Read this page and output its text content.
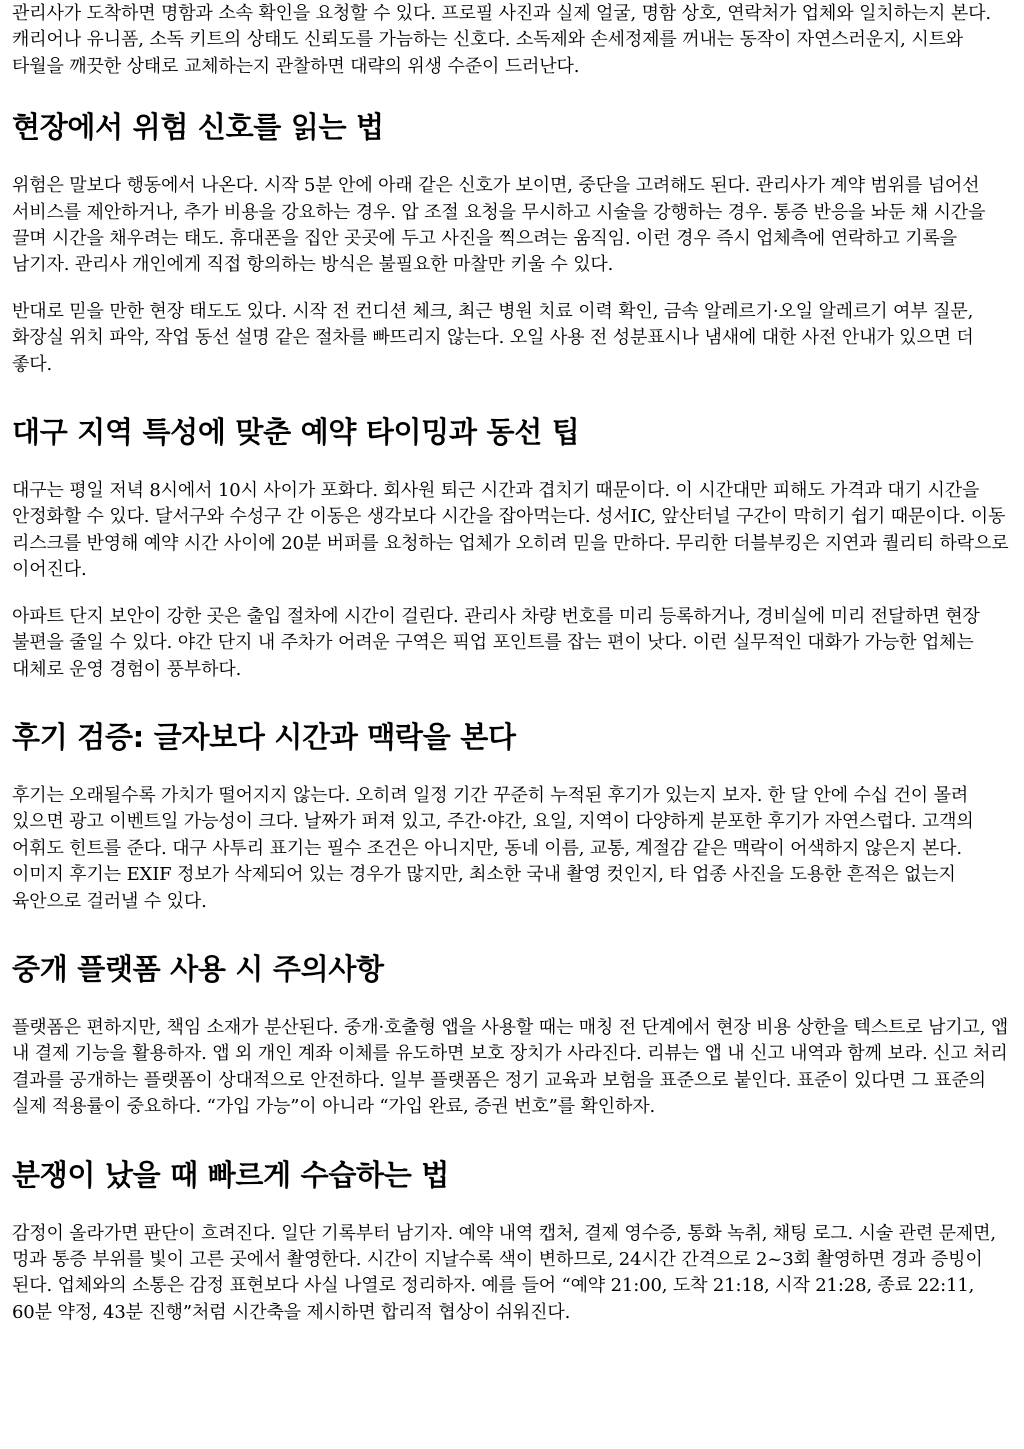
관리사가 도착하면 명함과 소속 확인을 요청할 수 있다. 프로필 사진과 실제 얼굴, 명함 상호, 연락처가 업체와 일치하는지 본다. 캐리어나 유니폼, 소독 키트의 상태도 신뢰도를 가늠하는 신호다. 소독제와 손세정제를 꺼내는 동작이 자연스러운지, 시트와 타월을 깨끗한 상태로 교체하는지 관찰하면 대략의 위생 수준이 드러난다.

현장에서 위험 신호를 읽는 법

위험은 말보다 행동에서 나온다. 시작 5분 안에 아래 같은 신호가 보이면, 중단을 고려해도 된다. 관리사가 계약 범위를 넘어선 서비스를 제안하거나, 추가 비용을 강요하는 경우. 압 조절 요청을 무시하고 시술을 강행하는 경우. 통증 반응을 놔둔 채 시간을 끌며 시간을 채우려는 태도. 휴대폰을 집안 곳곳에 두고 사진을 찍으려는 움직임. 이런 경우 즉시 업체측에 연락하고 기록을 남기자. 관리사 개인에게 직접 항의하는 방식은 불필요한 마찰만 키울 수 있다.

반대로 믿을 만한 현장 태도도 있다. 시작 전 컨디션 체크, 최근 병원 치료 이력 확인, 금속 알레르기·오일 알레르기 여부 질문, 화장실 위치 파악, 작업 동선 설명 같은 절차를 빠뜨리지 않는다. 오일 사용 전 성분표시나 냄새에 대한 사전 안내가 있으면 더 좋다.

대구 지역 특성에 맞춘 예약 타이밍과 동선 팁

대구는 평일 저녁 8시에서 10시 사이가 포화다. 회사원 퇴근 시간과 겹치기 때문이다. 이 시간대만 피해도 가격과 대기 시간을 안정화할 수 있다. 달서구와 수성구 간 이동은 생각보다 시간을 잡아먹는다. 성서IC, 앞산터널 구간이 막히기 쉽기 때문이다. 이동 리스크를 반영해 예약 시간 사이에 20분 버퍼를 요청하는 업체가 오히려 믿을 만하다. 무리한 더블부킹은 지연과 퀄리티 하락으로 이어진다.

아파트 단지 보안이 강한 곳은 출입 절차에 시간이 걸린다. 관리사 차량 번호를 미리 등록하거나, 경비실에 미리 전달하면 현장 불편을 줄일 수 있다. 야간 단지 내 주차가 어려운 구역은 픽업 포인트를 잡는 편이 낫다. 이런 실무적인 대화가 가능한 업체는 대체로 운영 경험이 풍부하다.

후기 검증: 글자보다 시간과 맥락을 본다

후기는 오래될수록 가치가 떨어지지 않는다. 오히려 일정 기간 꾸준히 누적된 후기가 있는지 보자. 한 달 안에 수십 건이 몰려 있으면 광고 이벤트일 가능성이 크다. 날짜가 퍼져 있고, 주간·야간, 요일, 지역이 다양하게 분포한 후기가 자연스럽다. 고객의 어휘도 힌트를 준다. 대구 사투리 표기는 필수 조건은 아니지만, 동네 이름, 교통, 계절감 같은 맥락이 어색하지 않은지 본다. 이미지 후기는 EXIF 정보가 삭제되어 있는 경우가 많지만, 최소한 국내 촬영 컷인지, 타 업종 사진을 도용한 흔적은 없는지 육안으로 걸러낼 수 있다.

중개 플랫폼 사용 시 주의사항

플랫폼은 편하지만, 책임 소재가 분산된다. 중개·호출형 앱을 사용할 때는 매칭 전 단계에서 현장 비용 상한을 텍스트로 남기고, 앱 내 결제 기능을 활용하자. 앱 외 개인 계좌 이체를 유도하면 보호 장치가 사라진다. 리뷰는 앱 내 신고 내역과 함께 보라. 신고 처리 결과를 공개하는 플랫폼이 상대적으로 안전하다. 일부 플랫폼은 정기 교육과 보험을 표준으로 붙인다. 표준이 있다면 그 표준의 실제 적용률이 중요하다. “가입 가능”이 아니라 “가입 완료, 증권 번호”를 확인하자.

분쟁이 났을 때 빠르게 수습하는 법

감정이 올라가면 판단이 흐려진다. 일단 기록부터 남기자. 예약 내역 캡처, 결제 영수증, 통화 녹취, 채팅 로그. 시술 관련 문제면, 멍과 통증 부위를 빛이 고른 곳에서 촬영한다. 시간이 지날수록 색이 변하므로, 24시간 간격으로 2~3회 촬영하면 경과 증빙이 된다. 업체와의 소통은 감정 표현보다 사실 나열로 정리하자. 예를 들어 “예약 21:00, 도착 21:18, 시작 21:28, 종료 22:11, 60분 약정, 43분 진행”처럼 시간축을 제시하면 합리적 협상이 쉬워진다.
